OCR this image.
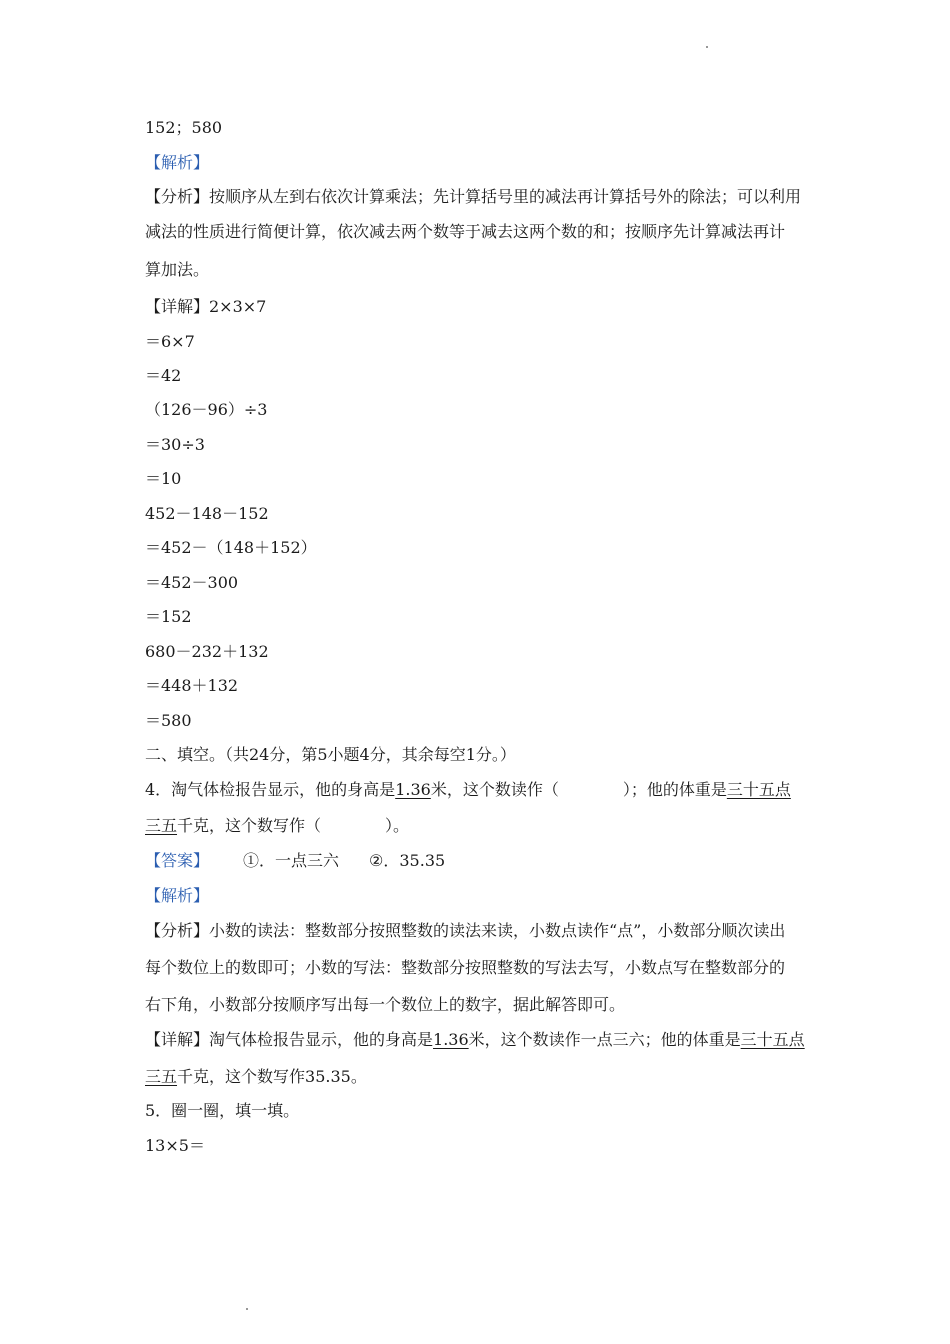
152；580
【解析】
【分析】按顺序从左到右依次计算乘法；先计算括号里的减法再计算括号外的除法；可以利用
减法的性质进行简便计算，依次减去两个数等于减去这两个数的和；按顺序先计算减法再计
算加法。
【详解】2×3×7
＝6×7
＝42
（126－96）÷3
＝30÷3
＝10
452－148－152
＝452－（148＋152）
＝452－300
＝152
680－232＋132
＝448＋132
＝580
二、填空。（共24分，第5小题4分，其余每空1分。）
4．淘气体检报告显示，他的身高是1.36米，这个数读作（	）；他的体重是三十五点
三五千克，这个数写作（	）。
【答案】 ①．一点三六 ②．35.35
【解析】
【分析】小数的读法：整数部分按照整数的读法来读，小数点读作“点”，小数部分顺次读出
每个数位上的数即可；小数的写法：整数部分按照整数的写法去写，小数点写在整数部分的
右下角，小数部分按顺序写出每一个数位上的数字，据此解答即可。
【详解】淘气体检报告显示，他的身高是1.36米，这个数读作一点三六；他的体重是三十五点
三五千克，这个数写作35.35。
5．圈一圈，填一填。
13×5＝
